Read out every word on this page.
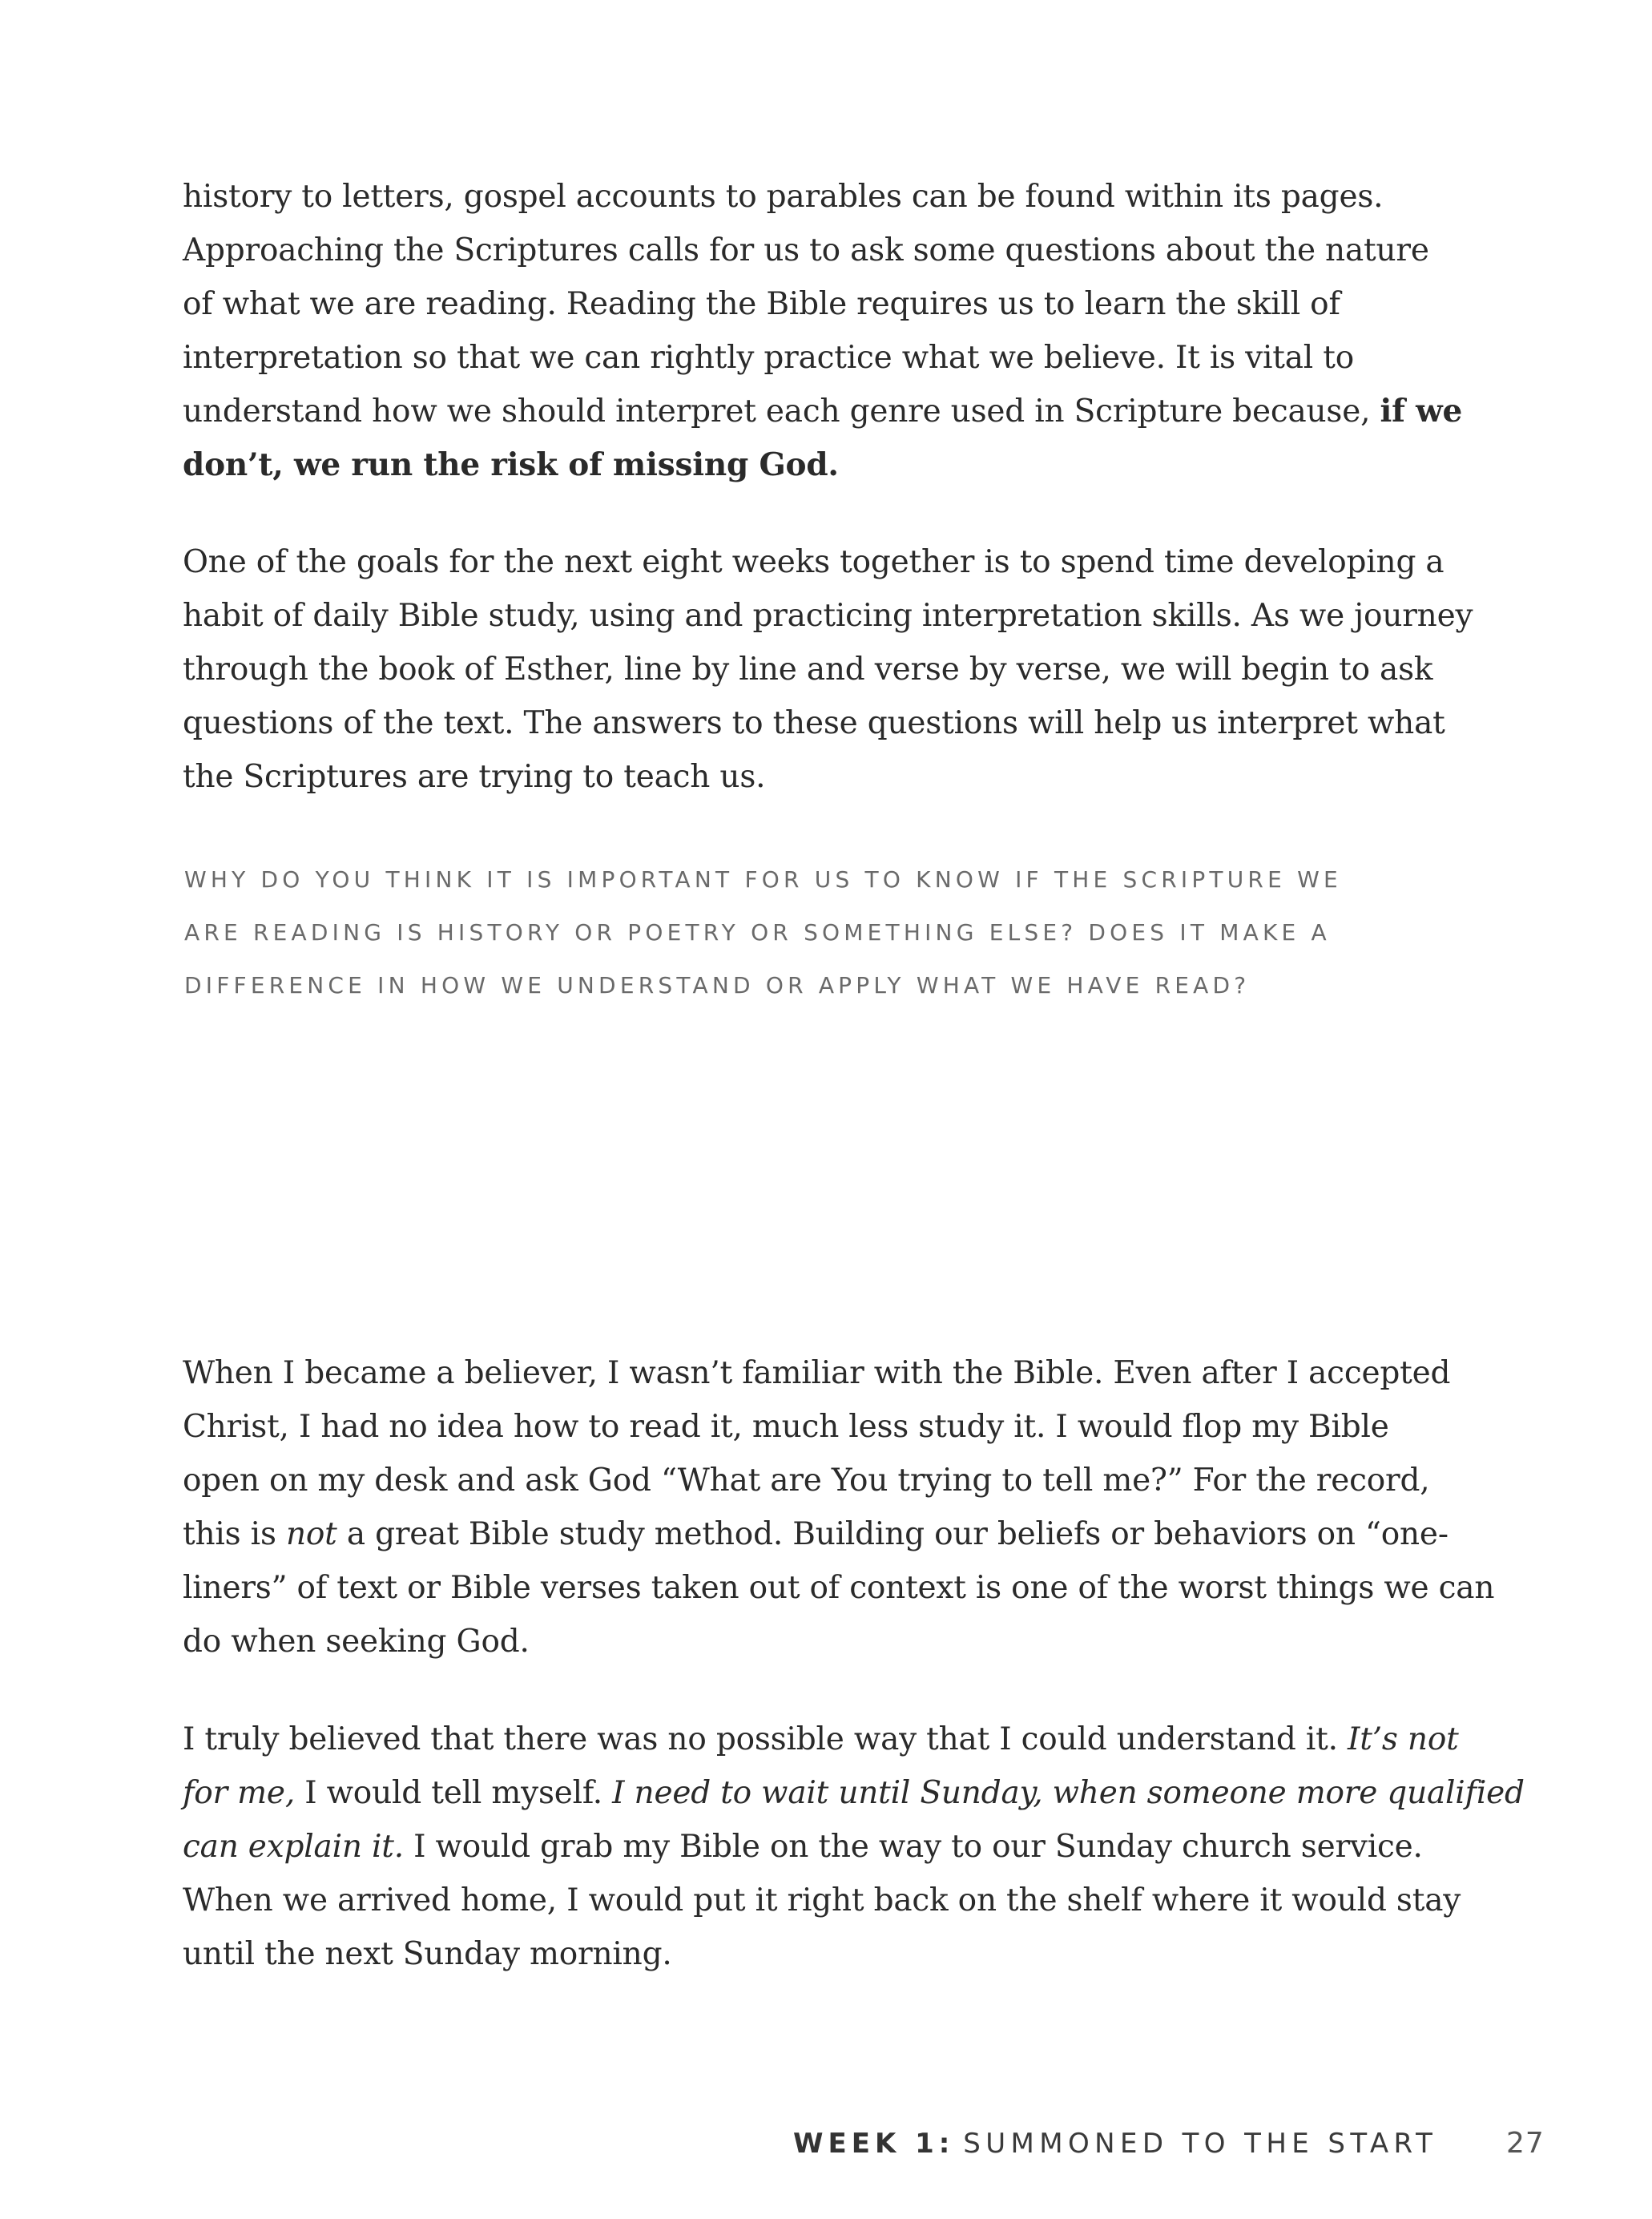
history to letters, gospel accounts to parables can be found within its pages.
Approaching the Scriptures calls for us to ask some questions about the nature
of what we are reading. Reading the Bible requires us to learn the skill of
interpretation so that we can rightly practice what we believe. It is vital to
understand how we should interpret each genre used in Scripture because, if we
don’t, we run the risk of missing God.

One of the goals for the next eight weeks together is to spend time developing a
habit of daily Bible study, using and practicing interpretation skills. As we journey
through the book of Esther, line by line and verse by verse, we will begin to ask
questions of the text. The answers to these questions will help us interpret what
the Scriptures are trying to teach us.

WHY DO YOU THINK IT IS IMPORTANT FOR US TO KNOW IF THE SCRIPTURE WE
ARE READING IS HISTORY OR POETRY OR SOMETHING ELSE? DOES IT MAKE A
DIFFERENCE IN HOW WE UNDERSTAND OR APPLY WHAT WE HAVE READ?

When I became a believer, I wasn’t familiar with the Bible. Even after I accepted
Christ, I had no idea how to read it, much less study it. I would flop my Bible
open on my desk and ask God “What are You trying to tell me?” For the record,
this is not a great Bible study method. Building our beliefs or behaviors on “one-
liners” of text or Bible verses taken out of context is one of the worst things we can
do when seeking God.

I truly believed that there was no possible way that I could understand it. It’s not
for me, I would tell myself. I need to wait until Sunday, when someone more qualified
can explain it. I would grab my Bible on the way to our Sunday church service.
When we arrived home, I would put it right back on the shelf where it would stay
until the next Sunday morning.

WEEK 1: SUMMONED TO THE START 27
